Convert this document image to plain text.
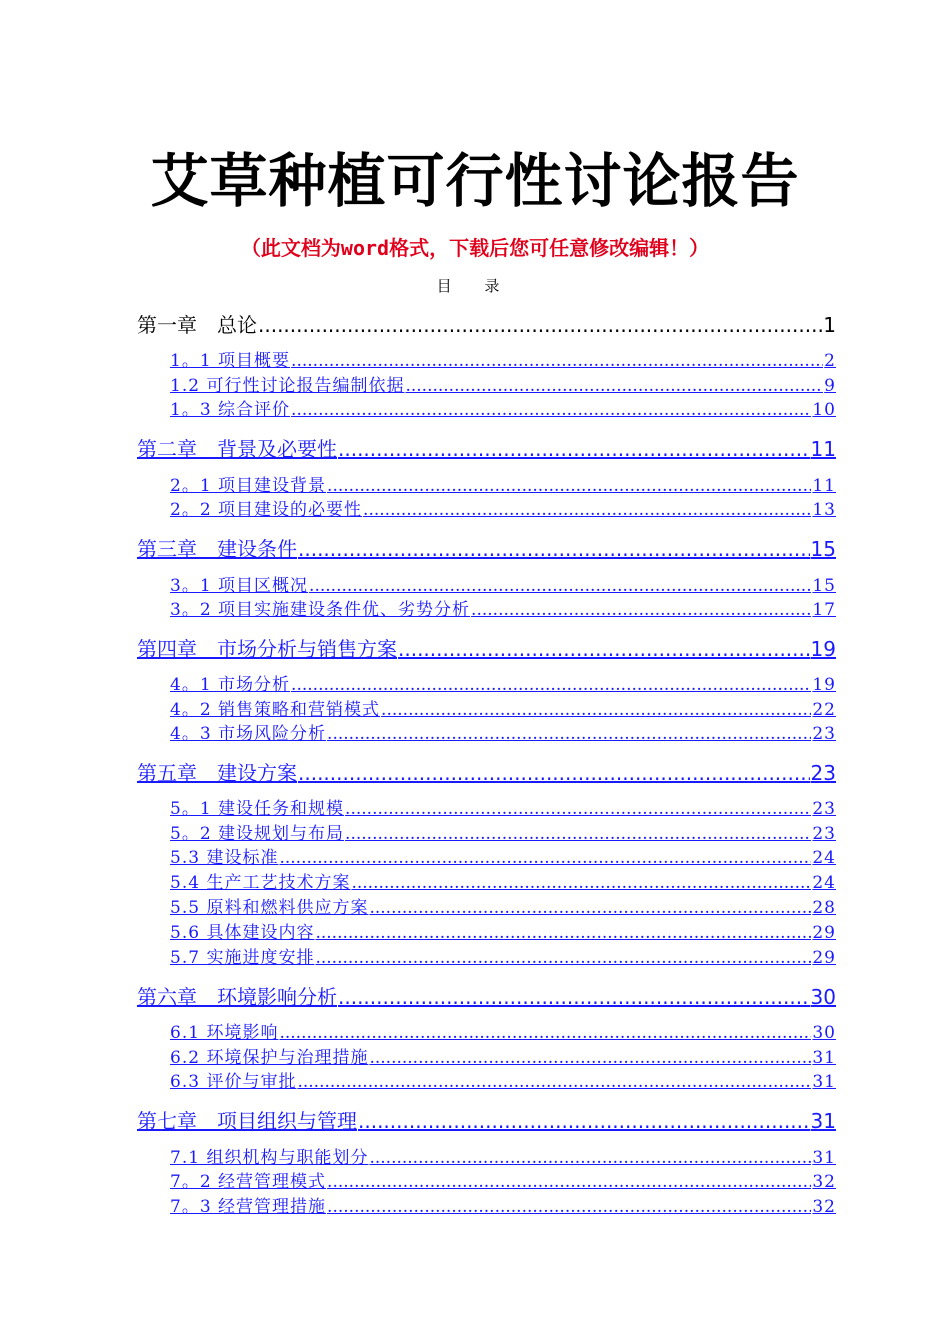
艾草种植可行性讨论报告
（此文档为word格式，下载后您可任意修改编辑！）
目 录
第一章　总论 .....	1
1。1 项目概要 .....	2
1.2 可行性讨论报告编制依据 .....	9
1。3 综合评价 .....	10
第二章　背景及必要性 .....	11
2。1 项目建设背景 .....	11
2。2 项目建设的必要性 .....	13
第三章　建设条件 .....	15
3。1 项目区概况 .....	15
3。2 项目实施建设条件优、劣势分析 .....	17
第四章　市场分析与销售方案 .....	19
4。1 市场分析 .....	19
4。2 销售策略和营销模式 .....	22
4。3 市场风险分析 .....	23
第五章　建设方案 .....	23
5。1 建设任务和规模 .....	23
5。2 建设规划与布局 .....	23
5.3 建设标准 .....	24
5.4 生产工艺技术方案 .....	24
5.5 原料和燃料供应方案 .....	28
5.6 具体建设内容 .....	29
5.7 实施进度安排 .....	29
第六章　环境影响分析 .....	30
6.1 环境影响 .....	30
6.2 环境保护与治理措施 .....	31
6.3 评价与审批 .....	31
第七章　项目组织与管理 .....	31
7.1 组织机构与职能划分 .....	31
7。2 经营管理模式 .....	32
7。3 经营管理措施 .....	32
